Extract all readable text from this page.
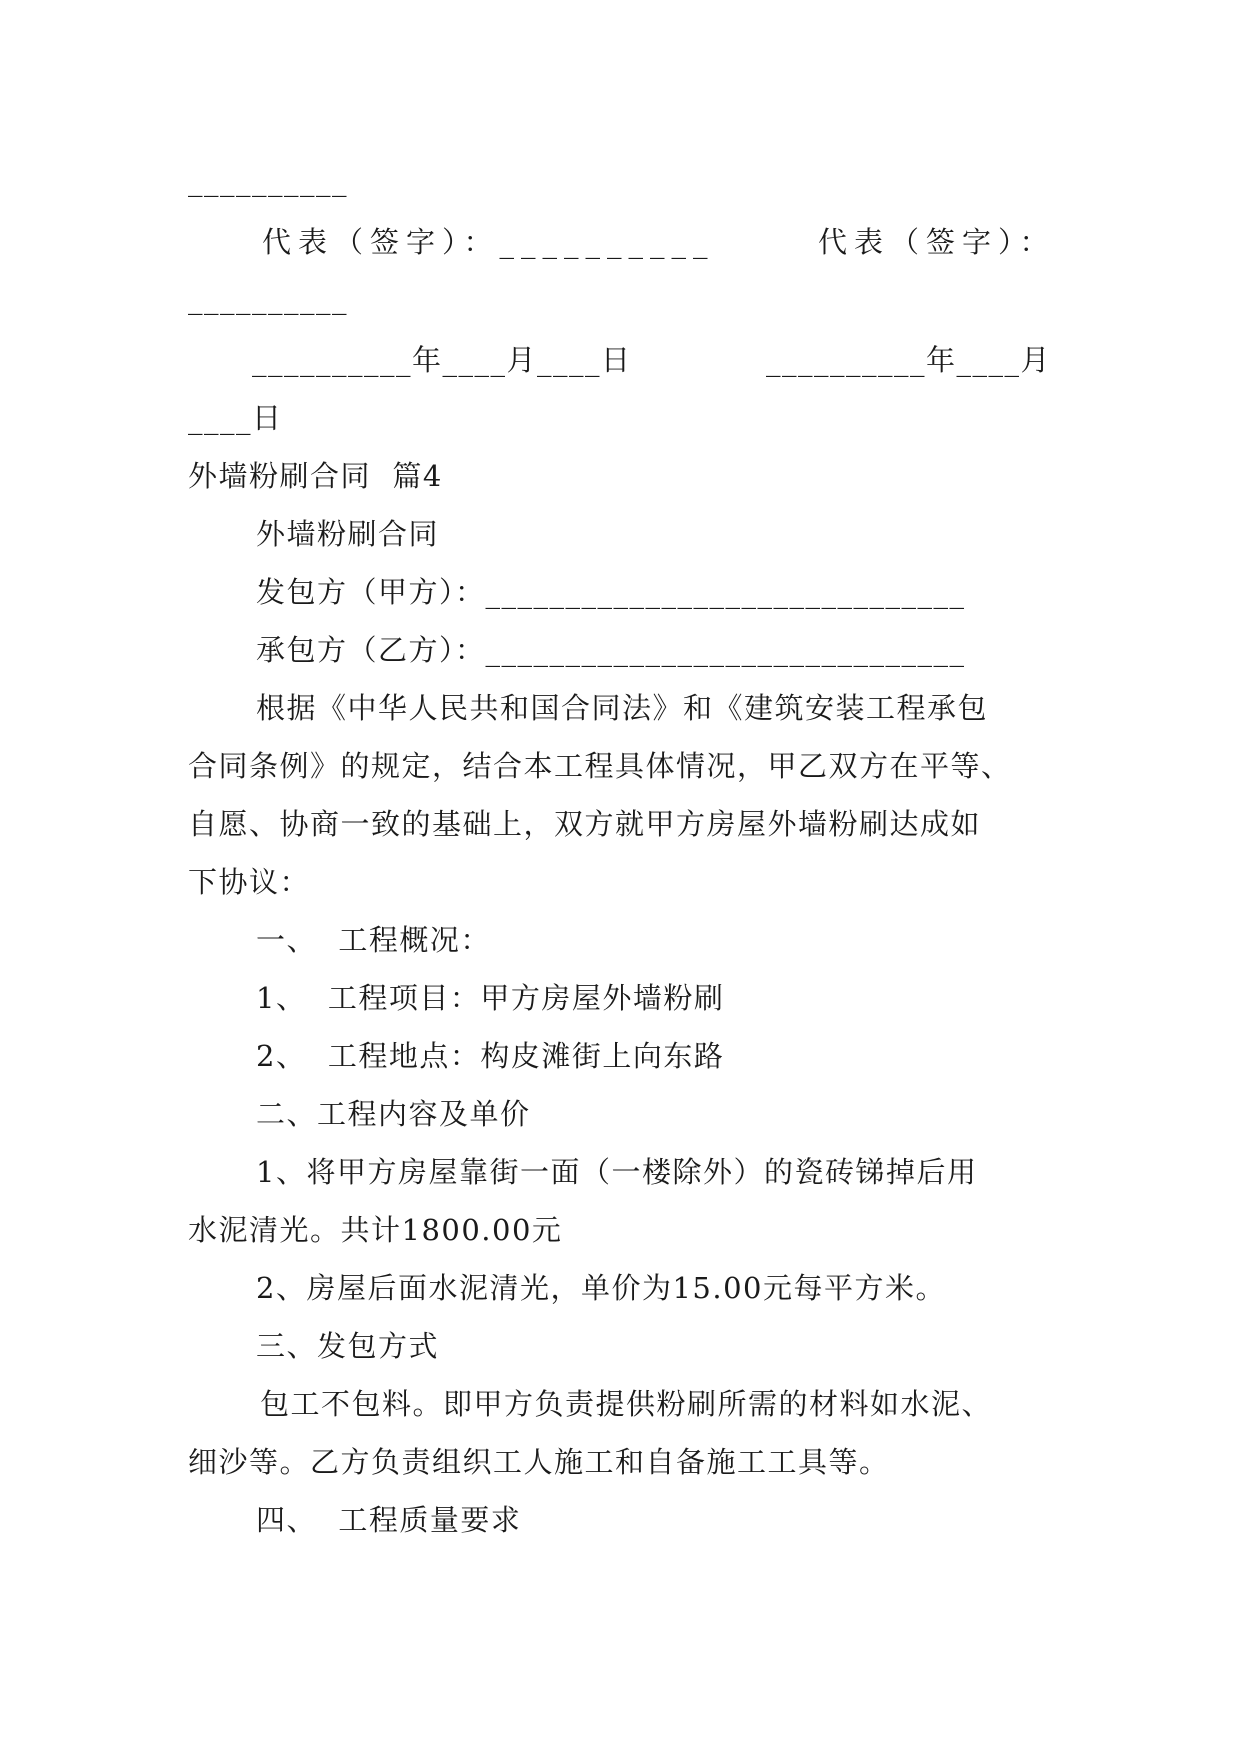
__________
代表（签字）：__________	代表（签字）：
__________
__________年____月____日	__________年____月
____日
外墙粉刷合同  篇4
外墙粉刷合同
发包方（甲方）：______________________________
承包方（乙方）：______________________________
根据《中华人民共和国合同法》和《建筑安装工程承包
合同条例》的规定，结合本工程具体情况，甲乙双方在平等、
自愿、协商一致的基础上，双方就甲方房屋外墙粉刷达成如
下协议：
一、  工程概况：
1、  工程项目：甲方房屋外墙粉刷
2、  工程地点：构皮滩街上向东路
二、工程内容及单价
1、将甲方房屋靠街一面（一楼除外）的瓷砖锑掉后用
水泥清光。共计1800.00元
2、房屋后面水泥清光，单价为15.00元每平方米。
三、发包方式
包工不包料。即甲方负责提供粉刷所需的材料如水泥、
细沙等。乙方负责组织工人施工和自备施工工具等。
四、  工程质量要求
